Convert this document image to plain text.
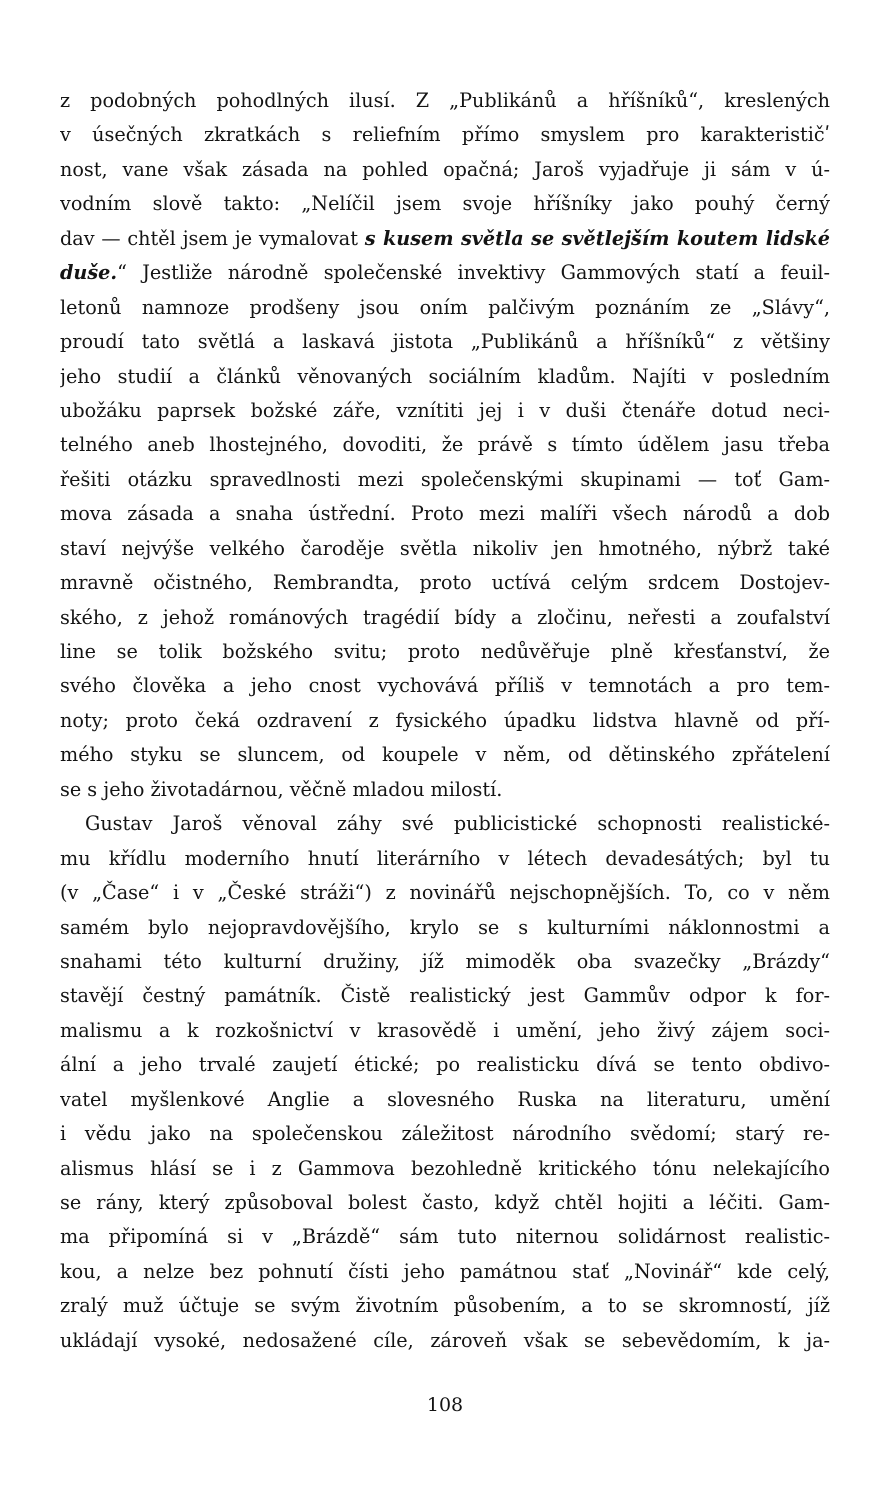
z podobných pohodlných ilusí. Z „Publikánů a hříšníků“, kreslených
v úsečných zkratkách s reliefním přímo smyslem pro karakterističʹ
nost, vane však zásada na pohled opačná; Jaroš vyjadřuje ji sám v ú-
vodním slově takto: „Nelíčil jsem svoje hříšníky jako pouhý černý
dav — chtěl jsem je vymalovat s kusem světla se světlejším koutem lidské
duše.“ Jestliže národně společenské invektivy Gammových statí a feuil-
letonů namnoze prodšeny jsou oním palčivým poznáním ze „Slávy“,
proudí tato světlá a laskavá jistota „Publikánů a hříšníků“ z většiny
jeho studií a článků věnovaných sociálním kladům. Najíti v posledním
ubožáku paprsek božské záře, vznítiti jej i v duši čtenáře dotud neci-
telného aneb lhostejného, dovoditi, že právě s tímto údělem jasu třeba
řešiti otázku spravedlnosti mezi společenskými skupinami — toť Gam-
mova zásada a snaha ústřední. Proto mezi malíři všech národů a dob
staví nejvýše velkého čaroděje světla nikoliv jen hmotného, nýbrž také
mravně očistného, Rembrandta, proto uctívá celým srdcem Dostojev-
ského, z jehož románových tragédií bídy a zločinu, neřesti a zoufalství
line se tolik božského svitu; proto nedůvěřuje plně křesťanství, že
svého člověka a jeho cnost vychovává příliš v temnotách a pro tem-
noty; proto čeká ozdravení z fysického úpadku lidstva hlavně od pří-
mého styku se sluncem, od koupele v něm, od dětinského zpřátelení
se s jeho životadárnou, věčně mladou milostí.
Gustav Jaroš věnoval záhy své publicistické schopnosti realistické-
mu křídlu moderního hnutí literárního v létech devadesátých; byl tu
(v „Čase“ i v „České stráži“) z novinářů nejschopnějších. To, co v něm
samém bylo nejopravdovějšího, krylo se s kulturními náklonnostmi a
snahami této kulturní družiny, jíž mimoděk oba svazečky „Brázdy“
stavějí čestný památník. Čistě realistický jest Gammův odpor k for-
malismu a k rozkošnictví v krasovědě i umění, jeho živý zájem soci-
ální a jeho trvalé zaujetí étické; po realisticku dívá se tento obdivo-
vatel myšlenkové Anglie a slovesného Ruska na literaturu, umění
i vědu jako na společenskou záležitost národního svědomí; starý re-
alismus hlásí se i z Gammova bezohledně kritického tónu nelekajícího
se rány, který způsoboval bolest často, když chtěl hojiti a léčiti. Gam-
ma připomíná si v „Brázdě“ sám tuto niternou solidárnost realistic-
kou, a nelze bez pohnutí čísti jeho památnou stať „Novinář“ kde celý,
zralý muž účtuje se svým životním působením, a to se skromností, jíž
ukládají vysoké, nedosažené cíle, zároveň však se sebevědomím, k ja-
108
